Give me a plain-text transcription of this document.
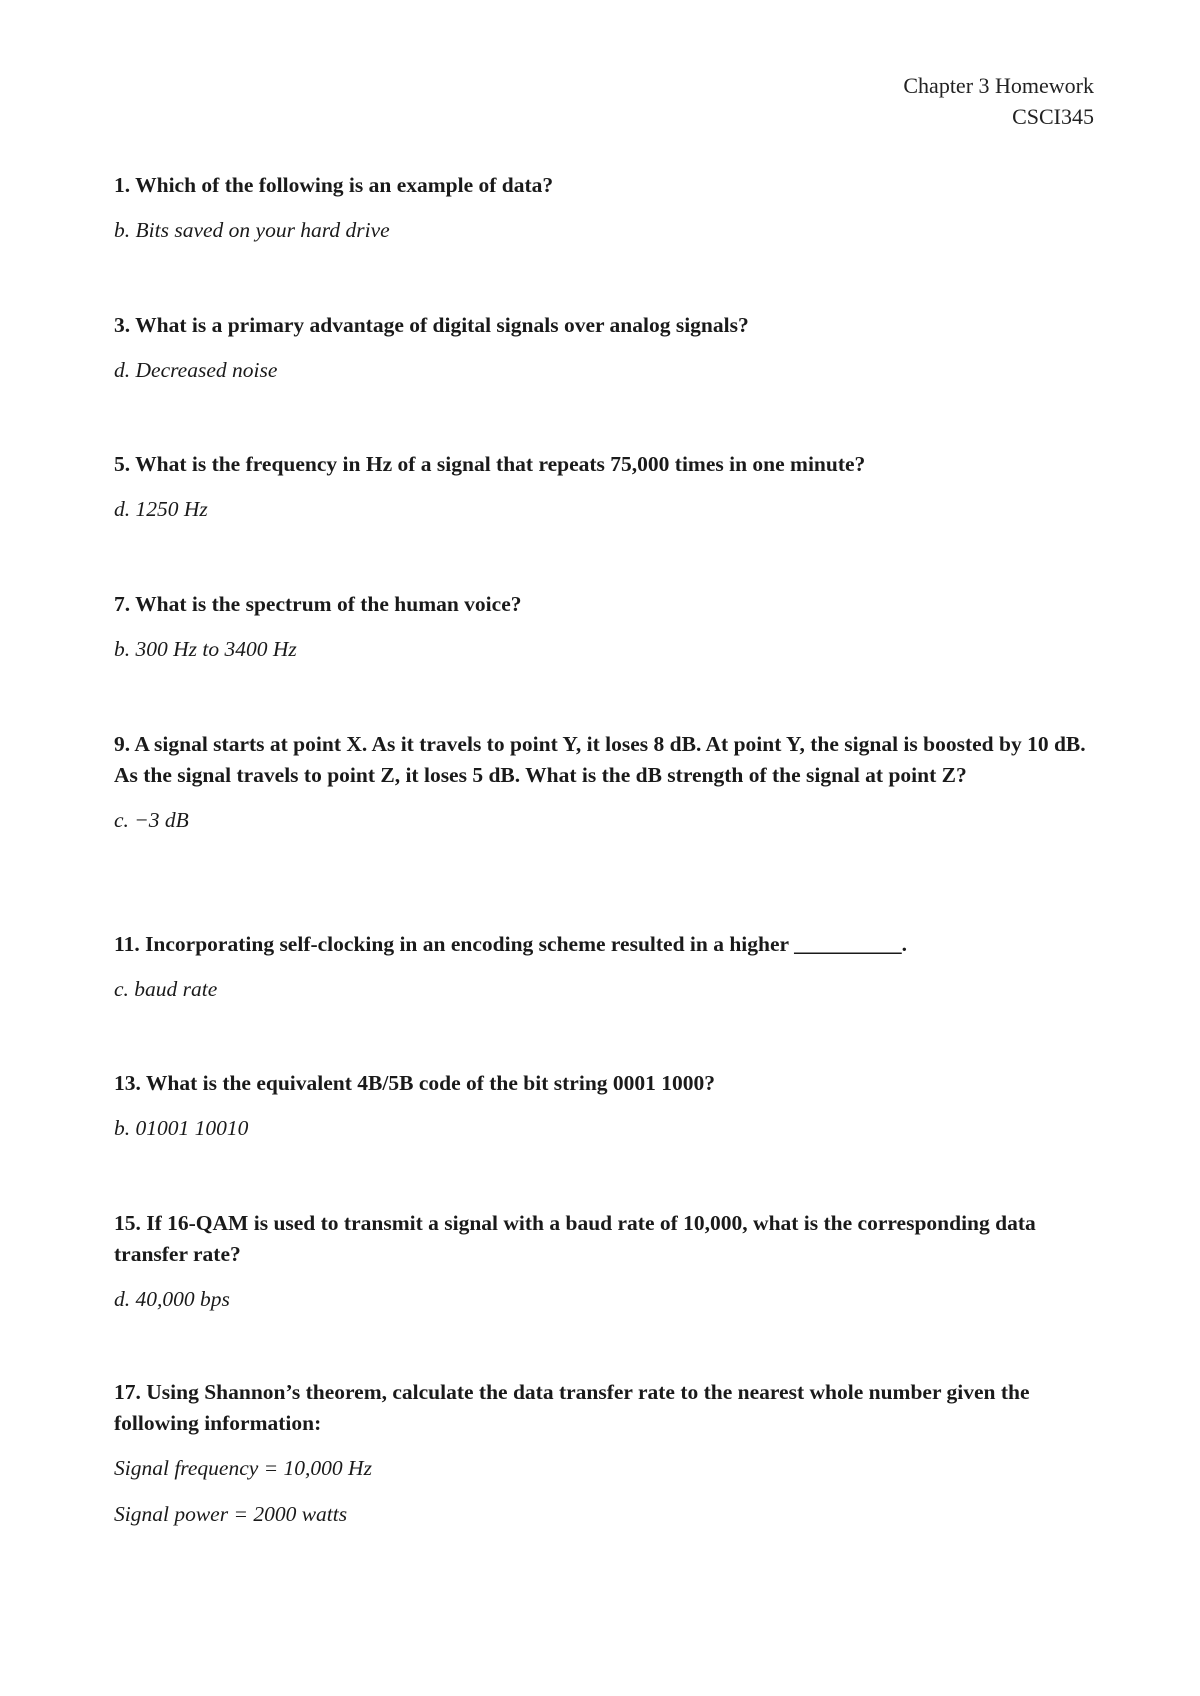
Chapter 3 Homework
CSCI345

1. Which of the following is an example of data?

b. Bits saved on your hard drive

3. What is a primary advantage of digital signals over analog signals?

d. Decreased noise

5. What is the frequency in Hz of a signal that repeats 75,000 times in one minute?

d. 1250 Hz

7. What is the spectrum of the human voice?

b. 300 Hz to 3400 Hz

9. A signal starts at point X. As it travels to point Y, it loses 8 dB. At point Y, the signal is boosted by 10 dB. As the signal travels to point Z, it loses 5 dB. What is the dB strength of the signal at point Z?

c. −3 dB

11. Incorporating self-clocking in an encoding scheme resulted in a higher __________.

c. baud rate

13. What is the equivalent 4B/5B code of the bit string 0001 1000?

b. 01001 10010

15. If 16-QAM is used to transmit a signal with a baud rate of 10,000, what is the corresponding data transfer rate?

d. 40,000 bps

17. Using Shannon’s theorem, calculate the data transfer rate to the nearest whole number given the following information:

Signal frequency = 10,000 Hz

Signal power = 2000 watts
